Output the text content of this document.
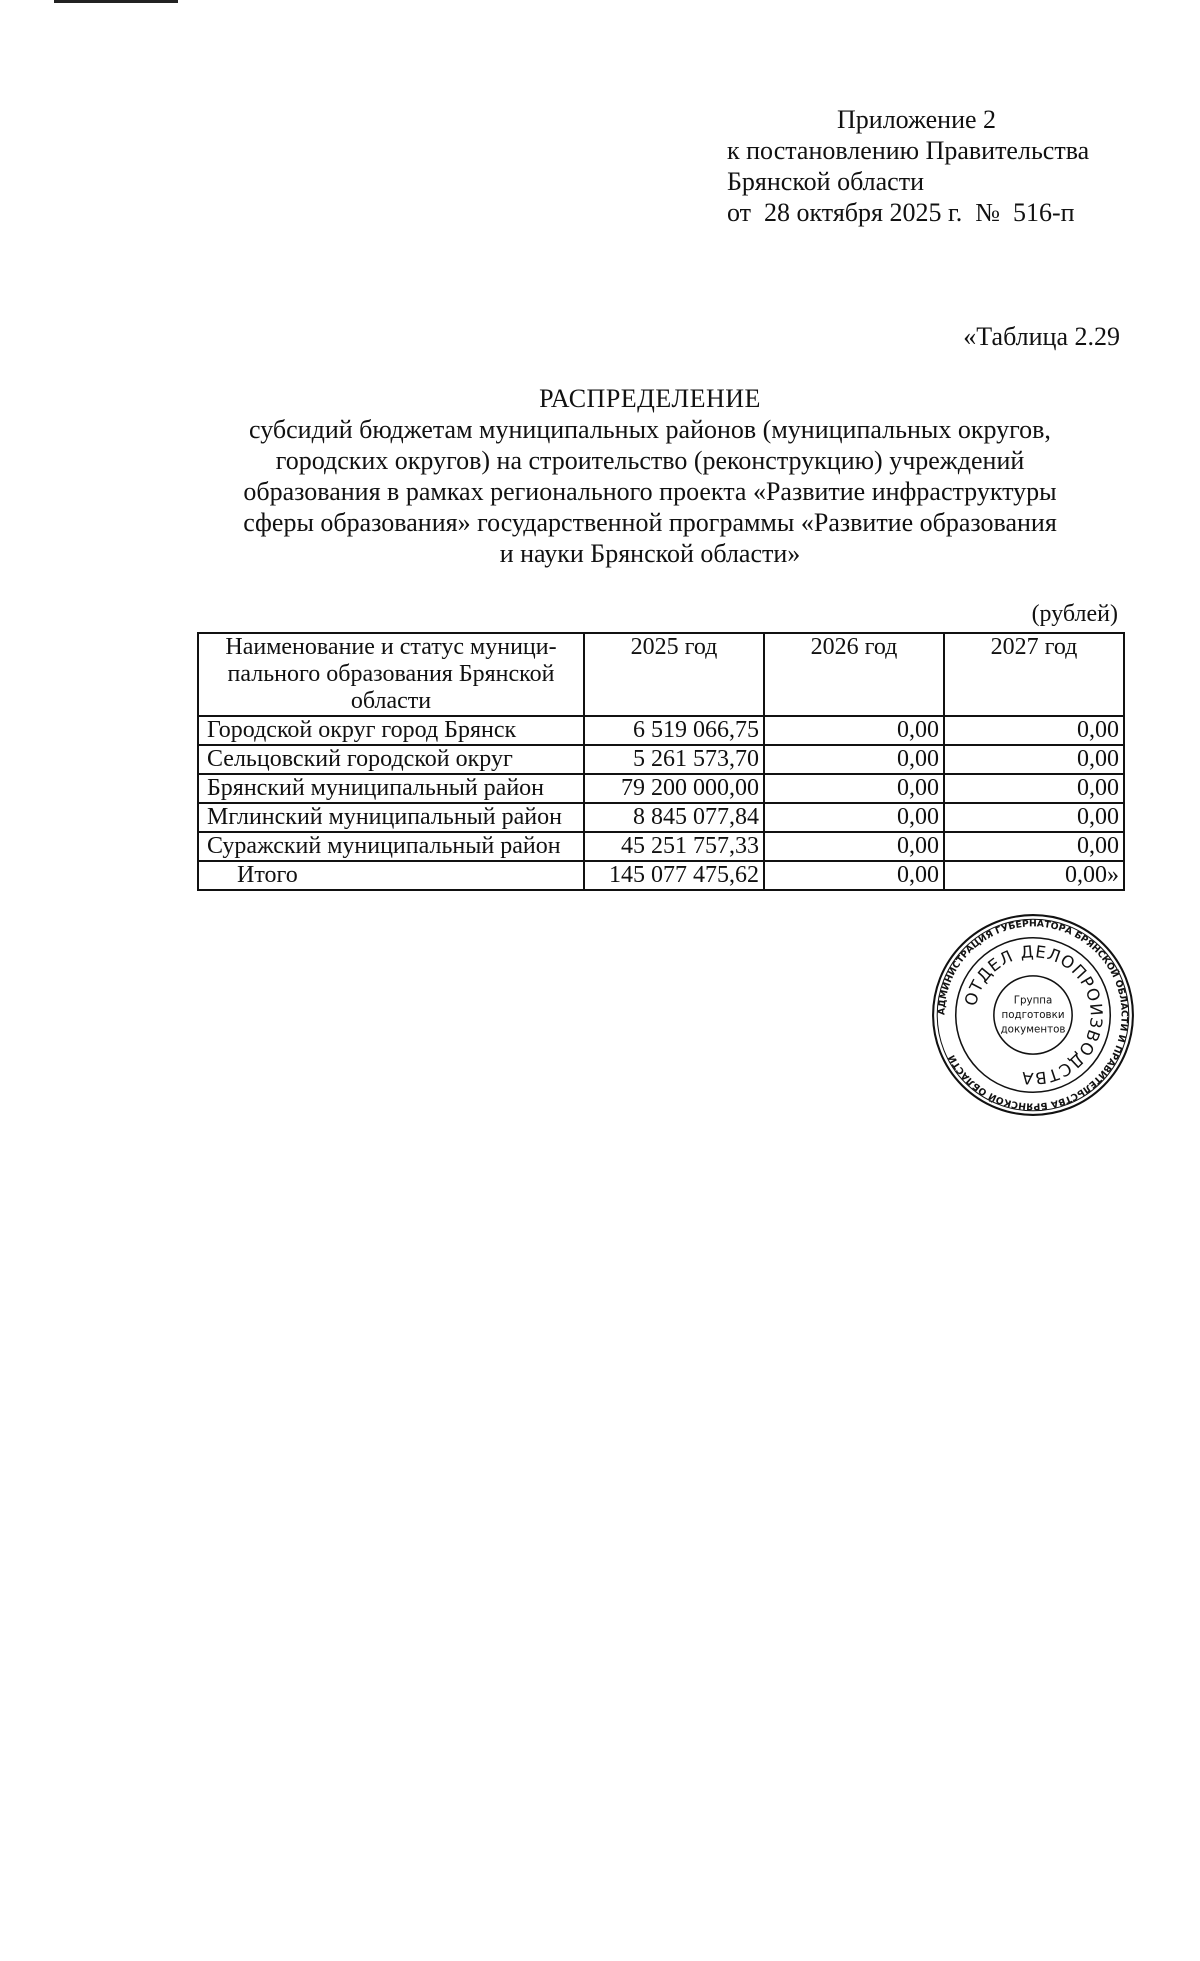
Приложение 2
к постановлению Правительства
Брянской области
от  28 октября 2025 г.  №  516-п
«Таблица 2.29
РАСПРЕДЕЛЕНИЕ
субсидий бюджетам муниципальных районов (муниципальных округов,
городских округов) на строительство (реконструкцию) учреждений
образования в рамках регионального проекта «Развитие инфраструктуры
сферы образования» государственной программы «Развитие образования
и науки Брянской области»
(рублей)
Наименование и статус муници- пального образования Брянской области	2025 год	2026 год	2027 год
Городской округ город Брянск	6 519 066,75	0,00	0,00
Сельцовский городской округ	5 261 573,70	0,00	0,00
Брянский муниципальный район	79 200 000,00	0,00	0,00
Мглинский муниципальный район	8 845 077,84	0,00	0,00
Суражский муниципальный район	45 251 757,33	0,00	0,00
Итого	145 077 475,62	0,00	0,00»
АДМИНИСТРАЦИЯ ГУБЕРНАТОРА БРЯНСКОЙ ОБЛАСТИ И ПРАВИТЕЛЬСТВА БРЯНСКОЙ ОБЛАСТИ
ОТДЕЛ ДЕЛОПРОИЗВОДСТВА
Группа
подготовки
документов
